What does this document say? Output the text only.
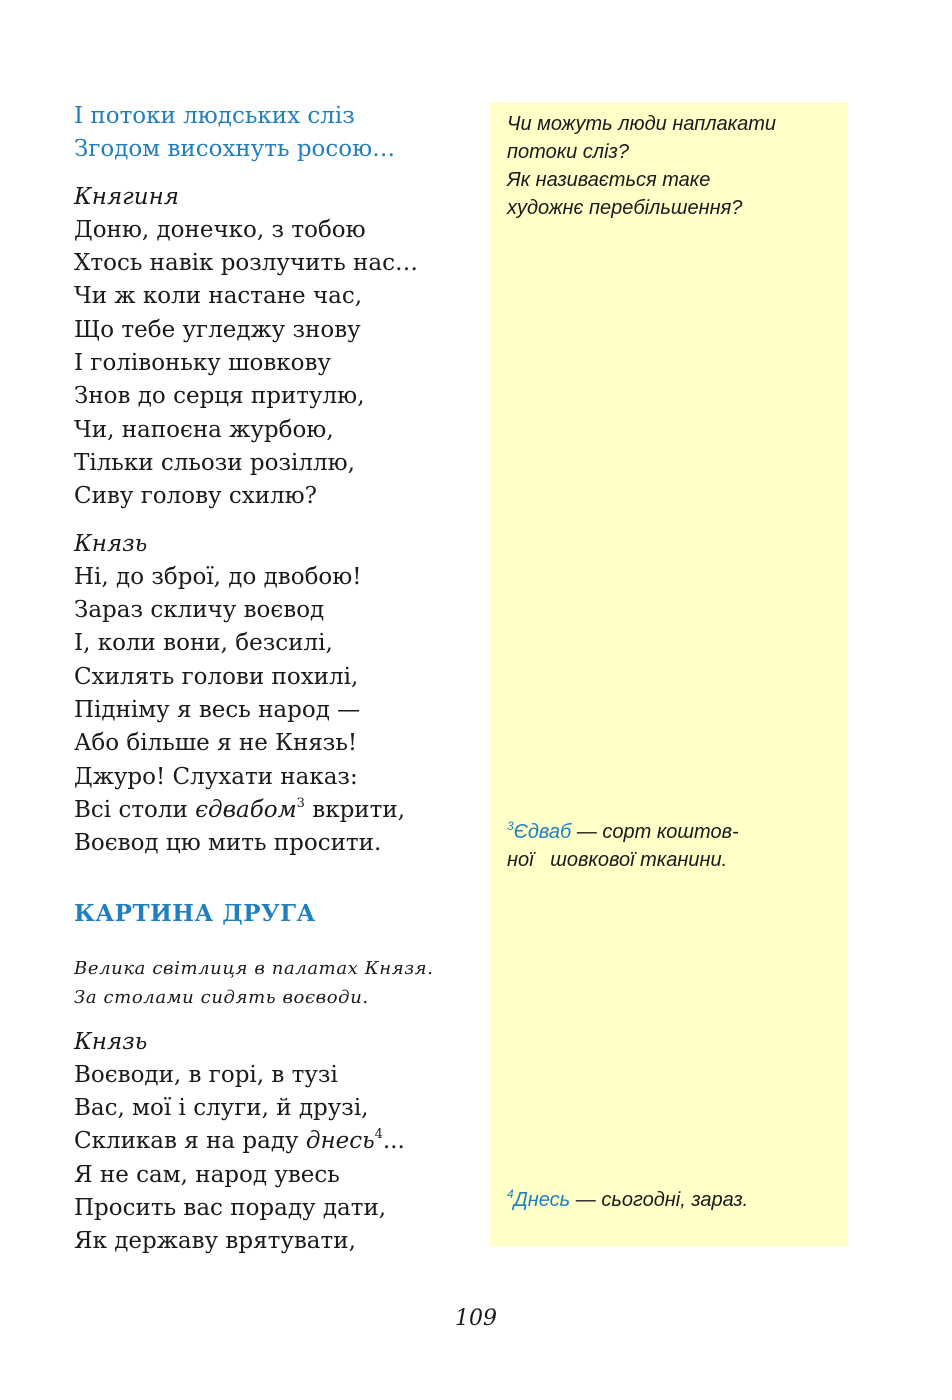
І потоки людських сліз
Згодом висохнуть росою…
Княгиня
Доню, донечко, з тобою
Хтось навік розлучить нас…
Чи ж коли настане час,
Що тебе угледжу знову
І голівоньку шовкову
Знов до серця притулю,
Чи, напоєна журбою,
Тільки сльози розіллю,
Сиву голову схилю?
Князь
Ні, до зброї, до двобою!
Зараз скличу воєвод
І, коли вони, безсилі,
Схилять голови похилі,
Підніму я весь народ —
Або більше я не Князь!
Джуро! Слухати наказ:
Всі столи єдвабом$^3$ вкрити,
Воєвод цю мить просити.
КАРТИНА ДРУГА
Велика світлиця в палатах Князя.
За столами сидять воєводи.
Князь
Воєводи, в горі, в тузі
Вас, мої і слуги, й друзі,
Скликав я на раду днесь$^4$...
Я не сам, народ увесь
Просить вас пораду дати,
Як державу врятувати,
Чи можуть люди наплакати
потоки сліз?
Як називається таке
художнє перебільшення?
$^3$Єдваб — сорт коштов-
ної   шовкової тканини.
$^4$Днесь — сьогодні, зараз.
109
